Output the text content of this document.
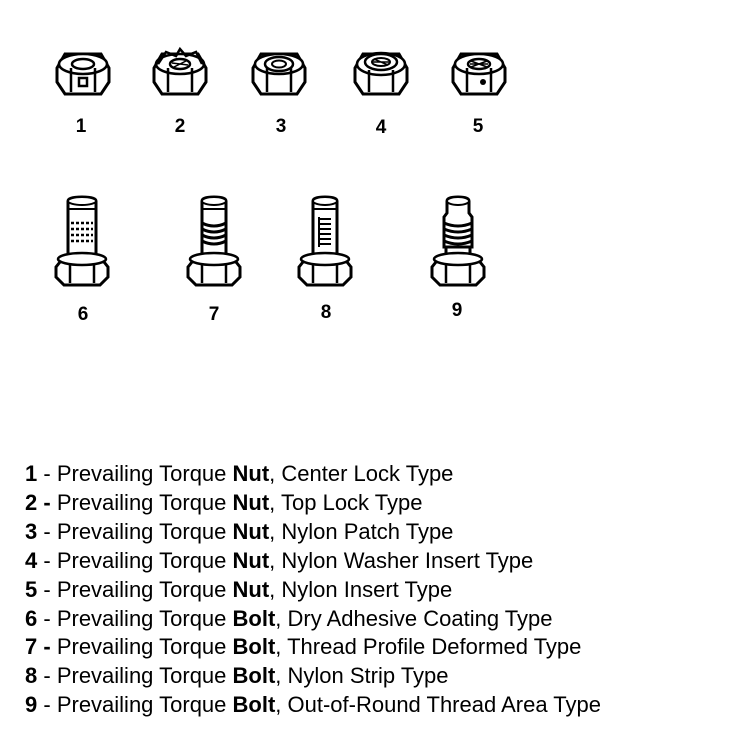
1	2	3	4	5
6	7	8	9
1 - Prevailing Torque Nut, Center Lock Type
2 - Prevailing Torque Nut, Top Lock Type
3 - Prevailing Torque Nut, Nylon Patch Type
4 - Prevailing Torque Nut, Nylon Washer Insert Type
5 - Prevailing Torque Nut, Nylon Insert Type
6 - Prevailing Torque Bolt, Dry Adhesive Coating Type
7 - Prevailing Torque Bolt, Thread Profile Deformed Type
8 - Prevailing Torque Bolt, Nylon Strip Type
9 - Prevailing Torque Bolt, Out-of-Round Thread Area Type
